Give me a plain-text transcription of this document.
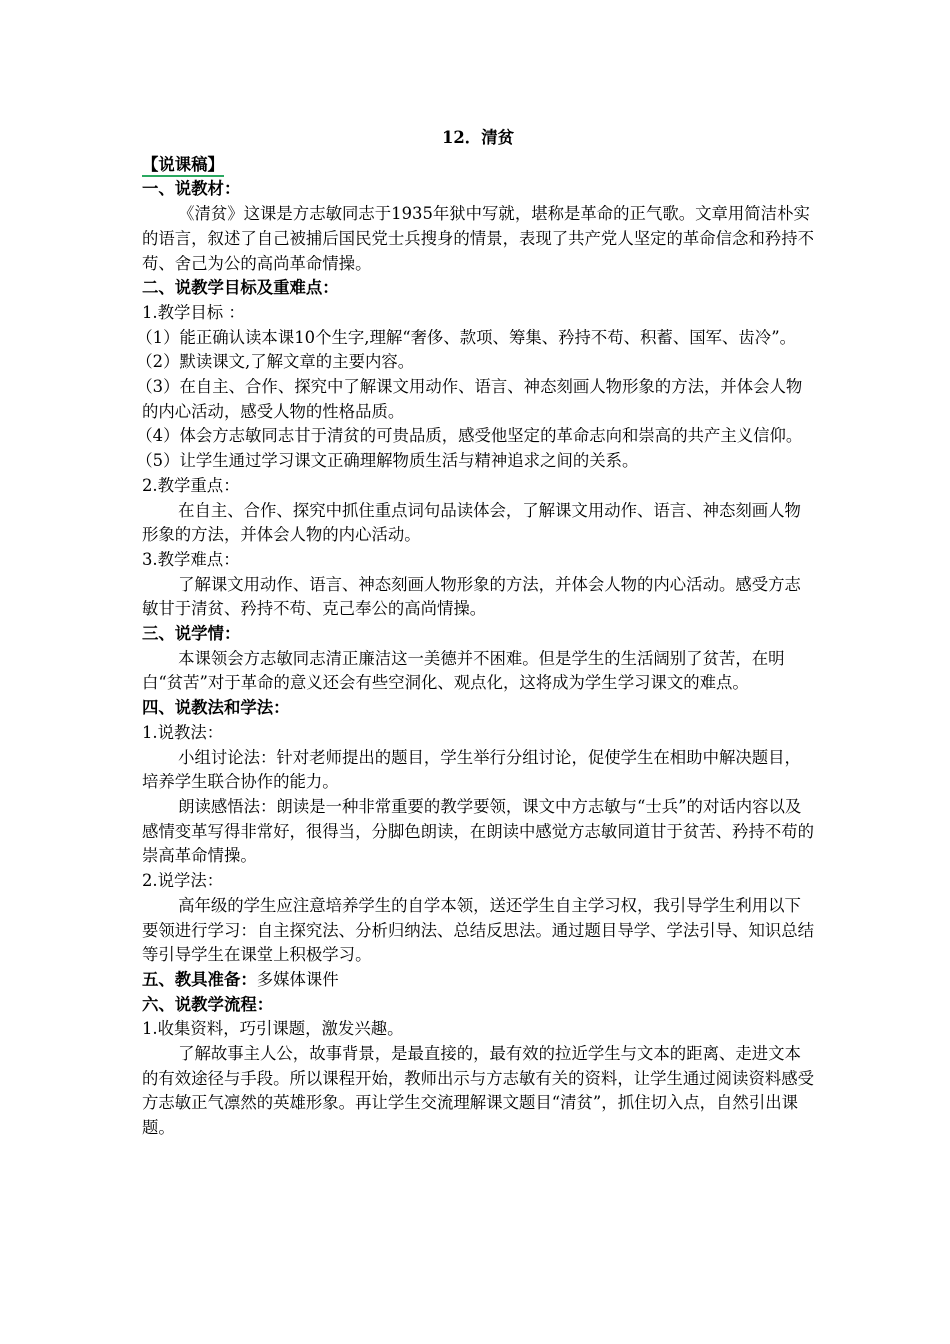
12．清贫
【说课稿】
一、说教材：

《清贫》这课是方志敏同志于1935年狱中写就，堪称是革命的正气歌。文章用简洁朴实的语言，叙述了自己被捕后国民党士兵搜身的情景，表现了共产党人坚定的革命信念和矜持不苟、舍己为公的高尚革命情操。

二、说教学目标及重难点：

1.教学目标 ：

（1）能正确认读本课10个生字,理解“奢侈、款项、筹集、矜持不苟、积蓄、国军、齿冷”。

（2）默读课文,了解文章的主要内容。

（3）在自主、合作、探究中了解课文用动作、语言、神态刻画人物形象的方法，并体会人物的内心活动，感受人物的性格品质。

（4）体会方志敏同志甘于清贫的可贵品质，感受他坚定的革命志向和崇高的共产主义信仰。

（5）让学生通过学习课文正确理解物质生活与精神追求之间的关系。

2.教学重点：

在自主、合作、探究中抓住重点词句品读体会，了解课文用动作、语言、神态刻画人物形象的方法，并体会人物的内心活动。

3.教学难点：

了解课文用动作、语言、神态刻画人物形象的方法，并体会人物的内心活动。感受方志敏甘于清贫、矜持不苟、克己奉公的高尚情操。

三、说学情：

本课领会方志敏同志清正廉洁这一美德并不困难。但是学生的生活阔别了贫苦，在明白“贫苦”对于革命的意义还会有些空洞化、观点化，这将成为学生学习课文的难点。

四、说教法和学法：

1.说教法：

小组讨论法：针对老师提出的题目，学生举行分组讨论，促使学生在相助中解决题目，培养学生联合协作的能力。

朗读感悟法：朗读是一种非常重要的教学要领，课文中方志敏与“士兵”的对话内容以及感情变革写得非常好，很得当，分脚色朗读，在朗读中感觉方志敏同道甘于贫苦、矜持不苟的崇高革命情操。

2.说学法：

高年级的学生应注意培养学生的自学本领，送还学生自主学习权，我引导学生利用以下要领进行学习：自主探究法、分析归纳法、总结反思法。通过题目导学、学法引导、知识总结等引导学生在课堂上积极学习。

五、教具准备：多媒体课件
六、说教学流程：

1.收集资料，巧引课题，激发兴趣。

了解故事主人公，故事背景，是最直接的，最有效的拉近学生与文本的距离、走进文本的有效途径与手段。所以课程开始，教师出示与方志敏有关的资料，让学生通过阅读资料感受方志敏正气凛然的英雄形象。再让学生交流理解课文题目“清贫”，抓住切入点，自然引出课题。
